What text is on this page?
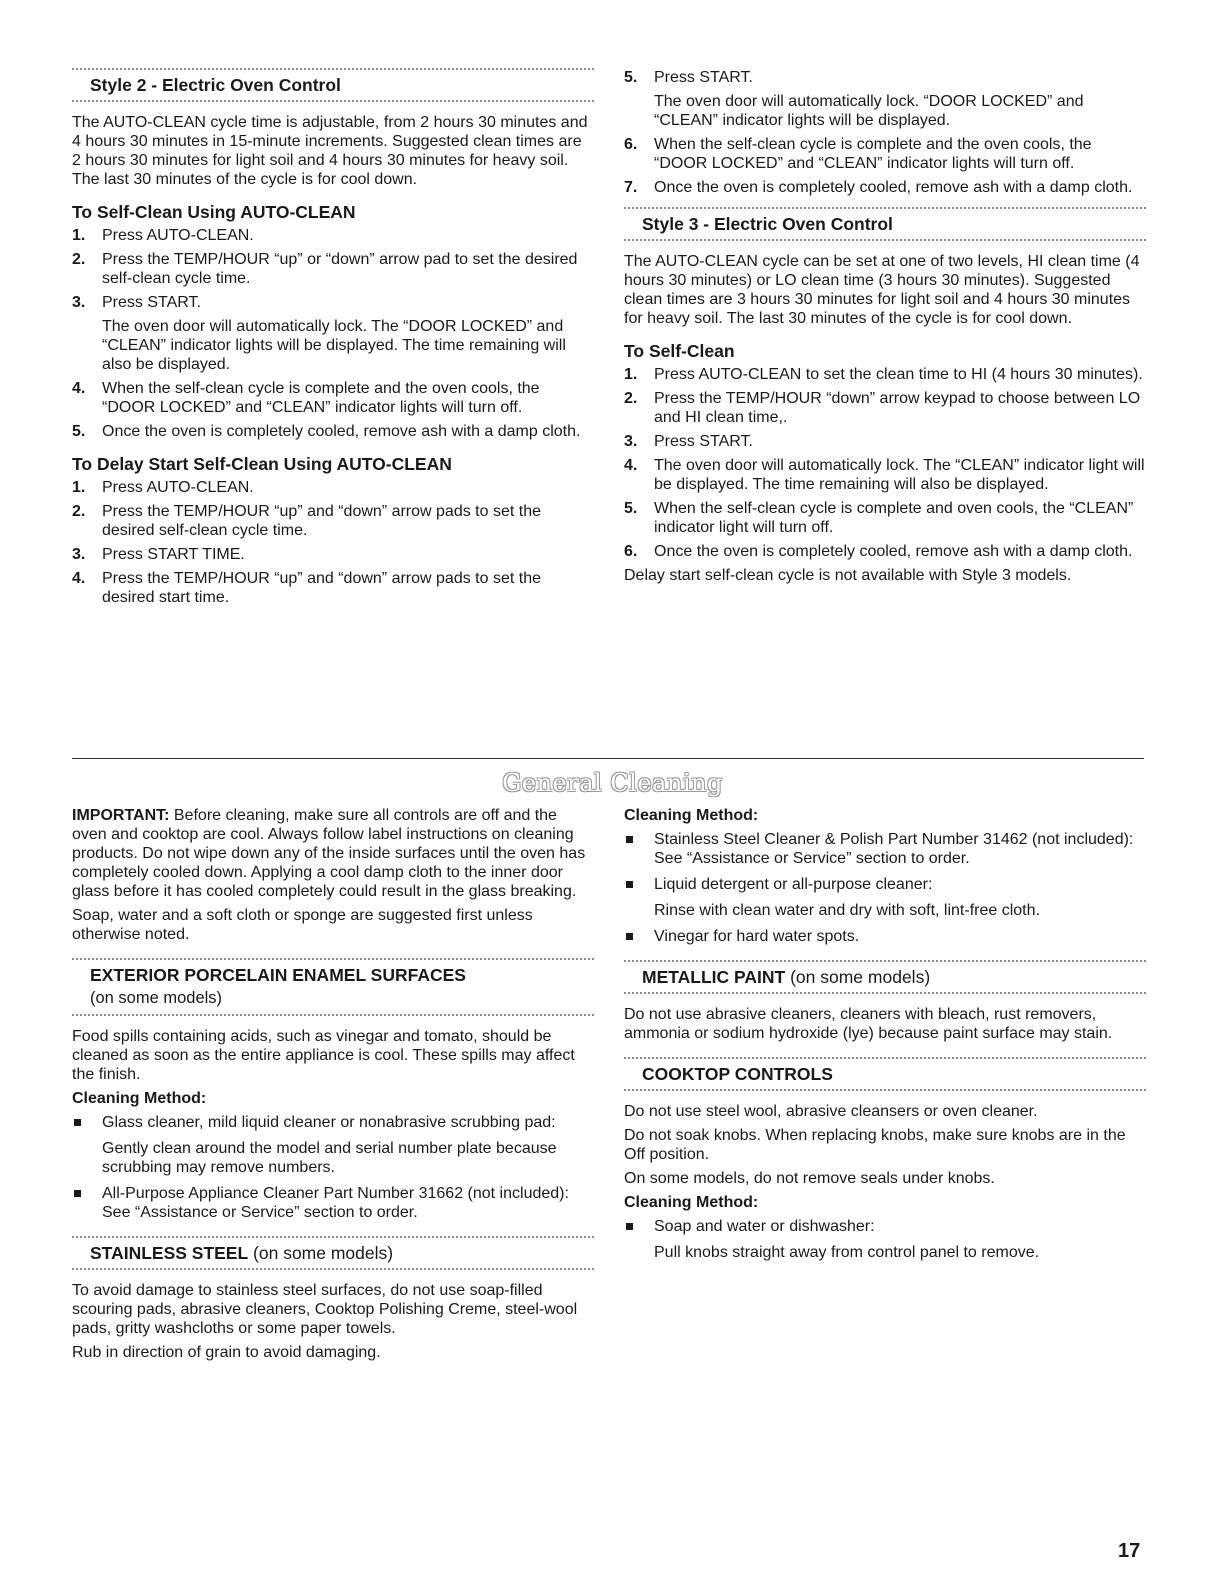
Style 2 - Electric Oven Control

The AUTO-CLEAN cycle time is adjustable, from 2 hours 30 minutes and 4 hours 30 minutes in 15-minute increments. Suggested clean times are 2 hours 30 minutes for light soil and 4 hours 30 minutes for heavy soil. The last 30 minutes of the cycle is for cool down.

To Self-Clean Using AUTO-CLEAN
1. Press AUTO-CLEAN.
2. Press the TEMP/HOUR “up” or “down” arrow pad to set the desired self-clean cycle time.
3. Press START.
The oven door will automatically lock. The “DOOR LOCKED” and “CLEAN” indicator lights will be displayed. The time remaining will also be displayed.
4. When the self-clean cycle is complete and the oven cools, the “DOOR LOCKED” and “CLEAN” indicator lights will turn off.
5. Once the oven is completely cooled, remove ash with a damp cloth.
To Delay Start Self-Clean Using AUTO-CLEAN
1. Press AUTO-CLEAN.
2. Press the TEMP/HOUR “up” and “down” arrow pads to set the desired self-clean cycle time.
3. Press START TIME.
4. Press the TEMP/HOUR “up” and “down” arrow pads to set the desired start time.
5. Press START.
The oven door will automatically lock. “DOOR LOCKED” and “CLEAN” indicator lights will be displayed.
6. When the self-clean cycle is complete and the oven cools, the “DOOR LOCKED” and “CLEAN” indicator lights will turn off.
7. Once the oven is completely cooled, remove ash with a damp cloth.
Style 3 - Electric Oven Control

The AUTO-CLEAN cycle can be set at one of two levels, HI clean time (4 hours 30 minutes) or LO clean time (3 hours 30 minutes). Suggested clean times are 3 hours 30 minutes for light soil and 4 hours 30 minutes for heavy soil. The last 30 minutes of the cycle is for cool down.

To Self-Clean
1. Press AUTO-CLEAN to set the clean time to HI (4 hours 30 minutes).
2. Press the TEMP/HOUR “down” arrow keypad to choose between LO and HI clean time,.
3. Press START.
4. The oven door will automatically lock. The “CLEAN” indicator light will be displayed. The time remaining will also be displayed.
5. When the self-clean cycle is complete and oven cools, the “CLEAN” indicator light will turn off.
6. Once the oven is completely cooled, remove ash with a damp cloth.

Delay start self-clean cycle is not available with Style 3 models.

General Cleaning

IMPORTANT: Before cleaning, make sure all controls are off and the oven and cooktop are cool. Always follow label instructions on cleaning products. Do not wipe down any of the inside surfaces until the oven has completely cooled down. Applying a cool damp cloth to the inner door glass before it has cooled completely could result in the glass breaking.

Soap, water and a soft cloth or sponge are suggested first unless otherwise noted.

EXTERIOR PORCELAIN ENAMEL SURFACES
(on some models)

Food spills containing acids, such as vinegar and tomato, should be cleaned as soon as the entire appliance is cool. These spills may affect the finish.

Cleaning Method:
Glass cleaner, mild liquid cleaner or nonabrasive scrubbing pad:
Gently clean around the model and serial number plate because scrubbing may remove numbers.
All-Purpose Appliance Cleaner Part Number 31662 (not included):
See “Assistance or Service” section to order.
STAINLESS STEEL (on some models)

To avoid damage to stainless steel surfaces, do not use soap-filled scouring pads, abrasive cleaners, Cooktop Polishing Creme, steel-wool pads, gritty washcloths or some paper towels.

Rub in direction of grain to avoid damaging.

Cleaning Method:
Stainless Steel Cleaner & Polish Part Number 31462 (not included):
See “Assistance or Service” section to order.
Liquid detergent or all-purpose cleaner:
Rinse with clean water and dry with soft, lint-free cloth.
Vinegar for hard water spots.
METALLIC PAINT (on some models)

Do not use abrasive cleaners, cleaners with bleach, rust removers, ammonia or sodium hydroxide (lye) because paint surface may stain.

COOKTOP CONTROLS

Do not use steel wool, abrasive cleansers or oven cleaner.

Do not soak knobs. When replacing knobs, make sure knobs are in the Off position.

On some models, do not remove seals under knobs.

Cleaning Method:
Soap and water or dishwasher:
Pull knobs straight away from control panel to remove.
17
